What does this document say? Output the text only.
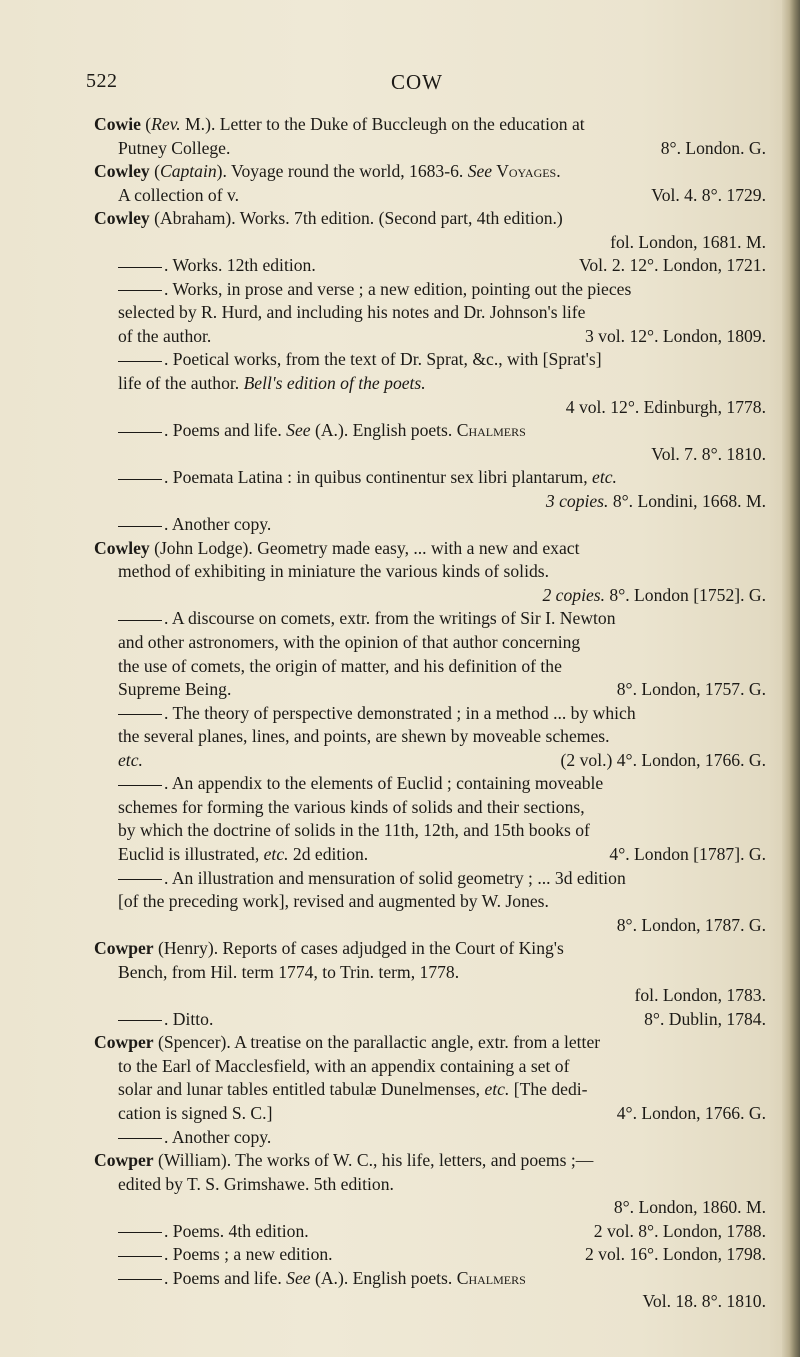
522	COW
Cowie (Rev. M.). Letter to the Duke of Buccleugh on the education at
Putney College.	8°. London. G.
Cowley (Captain). Voyage round the world, 1683-6. See Voyages.
A collection of v.	Vol. 4. 8°. 1729.
Cowley (Abraham). Works. 7th edition. (Second part, 4th edition.)
fol. London, 1681. M.
. Works. 12th edition.	Vol. 2. 12°. London, 1721.
. Works, in prose and verse ; a new edition, pointing out the pieces
selected by R. Hurd, and including his notes and Dr. Johnson's life
of the author.	3 vol. 12°. London, 1809.
. Poetical works, from the text of Dr. Sprat, &c., with [Sprat's]
life of the author. Bell's edition of the poets.
4 vol. 12°. Edinburgh, 1778.
. Poems and life. See (A.). English poets. Chalmers
Vol. 7. 8°. 1810.
. Poemata Latina : in quibus continentur sex libri plantarum, etc.
3 copies. 8°. Londini, 1668. M.
. Another copy.
Cowley (John Lodge). Geometry made easy, ... with a new and exact
method of exhibiting in miniature the various kinds of solids.
2 copies. 8°. London [1752]. G.
. A discourse on comets, extr. from the writings of Sir I. Newton
and other astronomers, with the opinion of that author concerning
the use of comets, the origin of matter, and his definition of the
Supreme Being.	8°. London, 1757. G.
. The theory of perspective demonstrated ; in a method ... by which
the several planes, lines, and points, are shewn by moveable schemes.
etc.	(2 vol.) 4°. London, 1766. G.
. An appendix to the elements of Euclid ; containing moveable
schemes for forming the various kinds of solids and their sections,
by which the doctrine of solids in the 11th, 12th, and 15th books of
Euclid is illustrated, etc. 2d edition.	4°. London [1787]. G.
. An illustration and mensuration of solid geometry ; ... 3d edition
[of the preceding work], revised and augmented by W. Jones.
8°. London, 1787. G.
Cowper (Henry). Reports of cases adjudged in the Court of King's
Bench, from Hil. term 1774, to Trin. term, 1778.
fol. London, 1783.
. Ditto.	8°. Dublin, 1784.
Cowper (Spencer). A treatise on the parallactic angle, extr. from a letter
to the Earl of Macclesfield, with an appendix containing a set of
solar and lunar tables entitled tabulæ Dunelmenses, etc. [The dedi-
cation is signed S. C.]	4°. London, 1766. G.
. Another copy.
Cowper (William). The works of W. C., his life, letters, and poems ;—
edited by T. S. Grimshawe. 5th edition.
8°. London, 1860. M.
. Poems. 4th edition.	2 vol. 8°. London, 1788.
. Poems ; a new edition.	2 vol. 16°. London, 1798.
. Poems and life. See (A.). English poets. Chalmers
Vol. 18. 8°. 1810.
